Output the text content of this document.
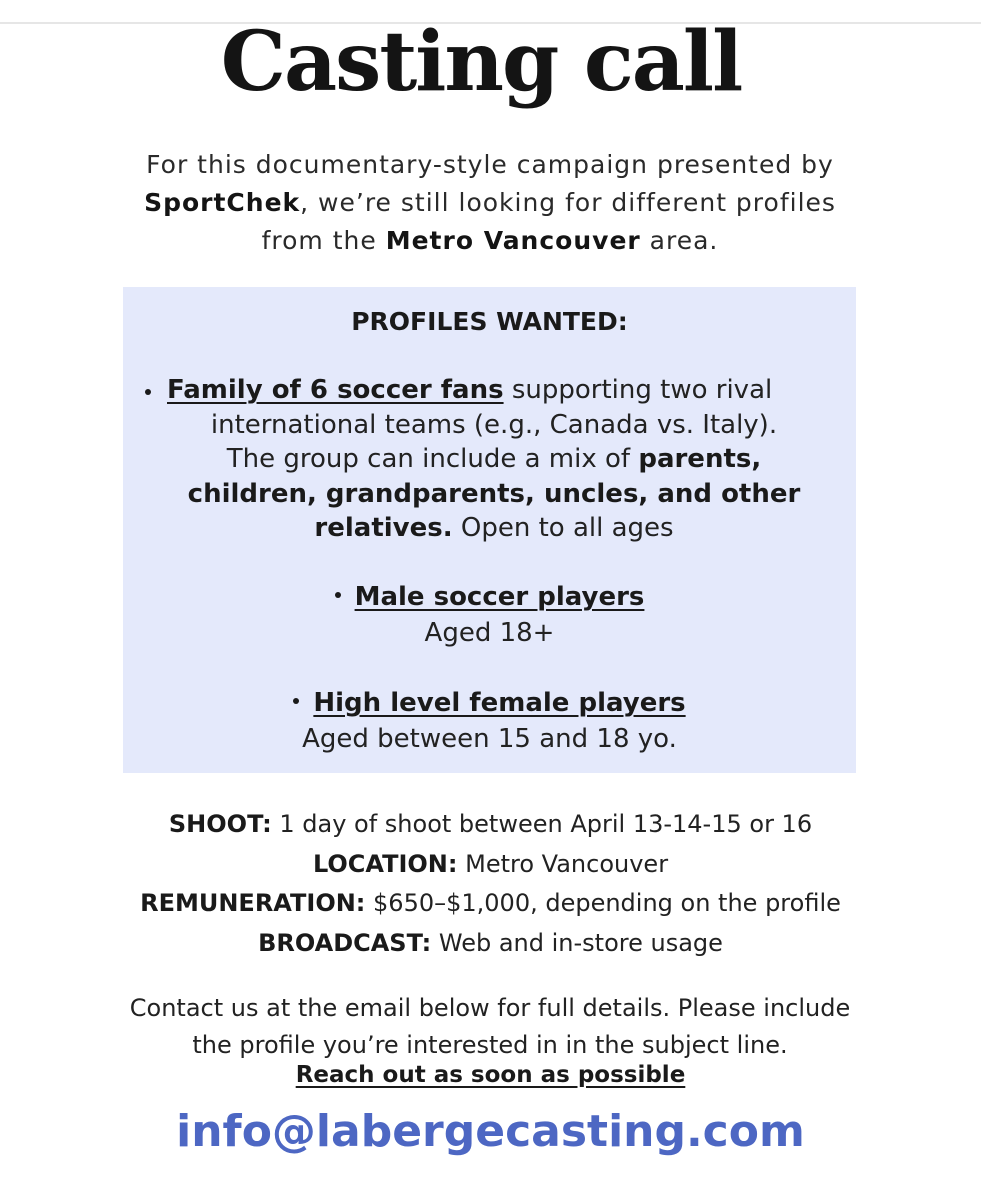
Casting call

For this documentary-style campaign presented by
SportChek, we’re still looking for different profiles
from the Metro Vancouver area.

PROFILES WANTED:

Family of 6 soccer fans supporting two rival
international teams (e.g., Canada vs. Italy).
The group can include a mix of parents,
children, grandparents, uncles, and other
relatives. Open to all ages
Male soccer players
Aged 18+
High level female players
Aged between 15 and 18 yo.
SHOOT: 1 day of shoot between April 13-14-15 or 16
LOCATION: Metro Vancouver
REMUNERATION: $650–$1,000, depending on the profile
BROADCAST: Web and in-store usage
Contact us at the email below for full details. Please include
the profile you’re interested in in the subject line.
Reach out as soon as possible
info@labergecasting.com
